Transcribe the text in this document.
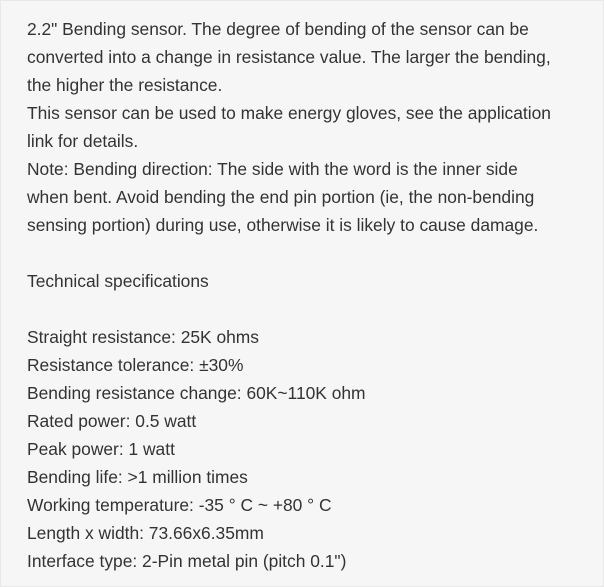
2.2" Bending sensor. The degree of bending of the sensor can be
converted into a change in resistance value. The larger the bending,
the higher the resistance.
This sensor can be used to make energy gloves, see the application
link for details.
Note: Bending direction: The side with the word is the inner side
when bent. Avoid bending the end pin portion (ie, the non-bending
sensing portion) during use, otherwise it is likely to cause damage.
Technical specifications
Straight resistance: 25K ohms
Resistance tolerance: ±30%
Bending resistance change: 60K~110K ohm
Rated power: 0.5 watt
Peak power: 1 watt
Bending life: >1 million times
Working temperature: -35 ° C ~ +80 ° C
Length x width: 73.66x6.35mm
Interface type: 2-Pin metal pin (pitch 0.1")
